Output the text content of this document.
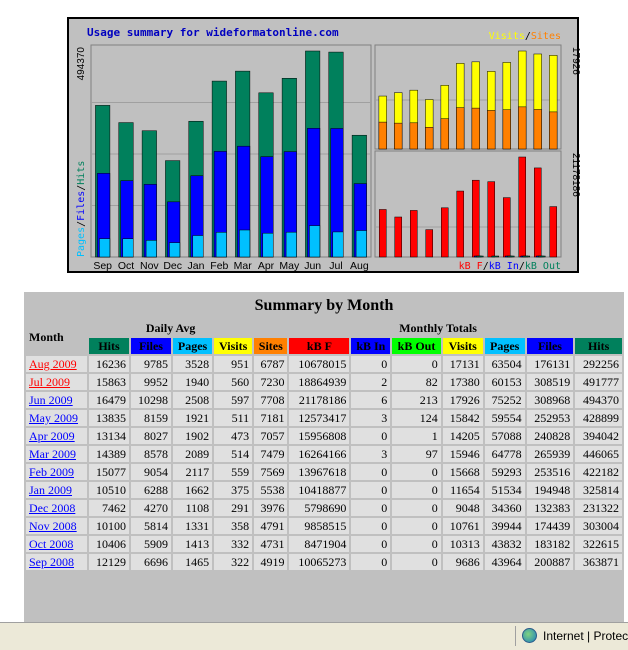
Usage summary for wideformatonline.com
Sep Oct Nov Dec Jan Feb Mar Apr May Jun Jul Aug
494370
Pages/Files/Hits
17926
Visits/Sites
21178186
kB F/kB In/kB Out
Summary by Month												
Month	Daily Avg				Monthly Totals							
	Hits	Files	Pages	Visits	Sites	kB F	kB In	kB Out	Visits	Pages	Files	Hits
Aug 2009	16236	9785	3528	951	6787	10678015	0	0	17131	63504	176131	292256
Jul 2009	15863	9952	1940	560	7230	18864939	2	82	17380	60153	308519	491777
Jun 2009	16479	10298	2508	597	7708	21178186	6	213	17926	75252	308968	494370
May 2009	13835	8159	1921	511	7181	12573417	3	124	15842	59554	252953	428899
Apr 2009	13134	8027	1902	473	7057	15956808	0	1	14205	57088	240828	394042
Mar 2009	14389	8578	2089	514	7479	16264166	3	97	15946	64778	265939	446065
Feb 2009	15077	9054	2117	559	7569	13967618	0	0	15668	59293	253516	422182
Jan 2009	10510	6288	1662	375	5538	10418877	0	0	11654	51534	194948	325814
Dec 2008	7462	4270	1108	291	3976	5798690	0	0	9048	34360	132383	231322
Nov 2008	10100	5814	1331	358	4791	9858515	0	0	10761	39944	174439	303004
Oct 2008	10406	5909	1413	332	4731	8471904	0	0	10313	43832	183182	322615
Sep 2008	12129	6696	1465	322	4919	10065273	0	0	9686	43964	200887	363871
Internet | Protec
